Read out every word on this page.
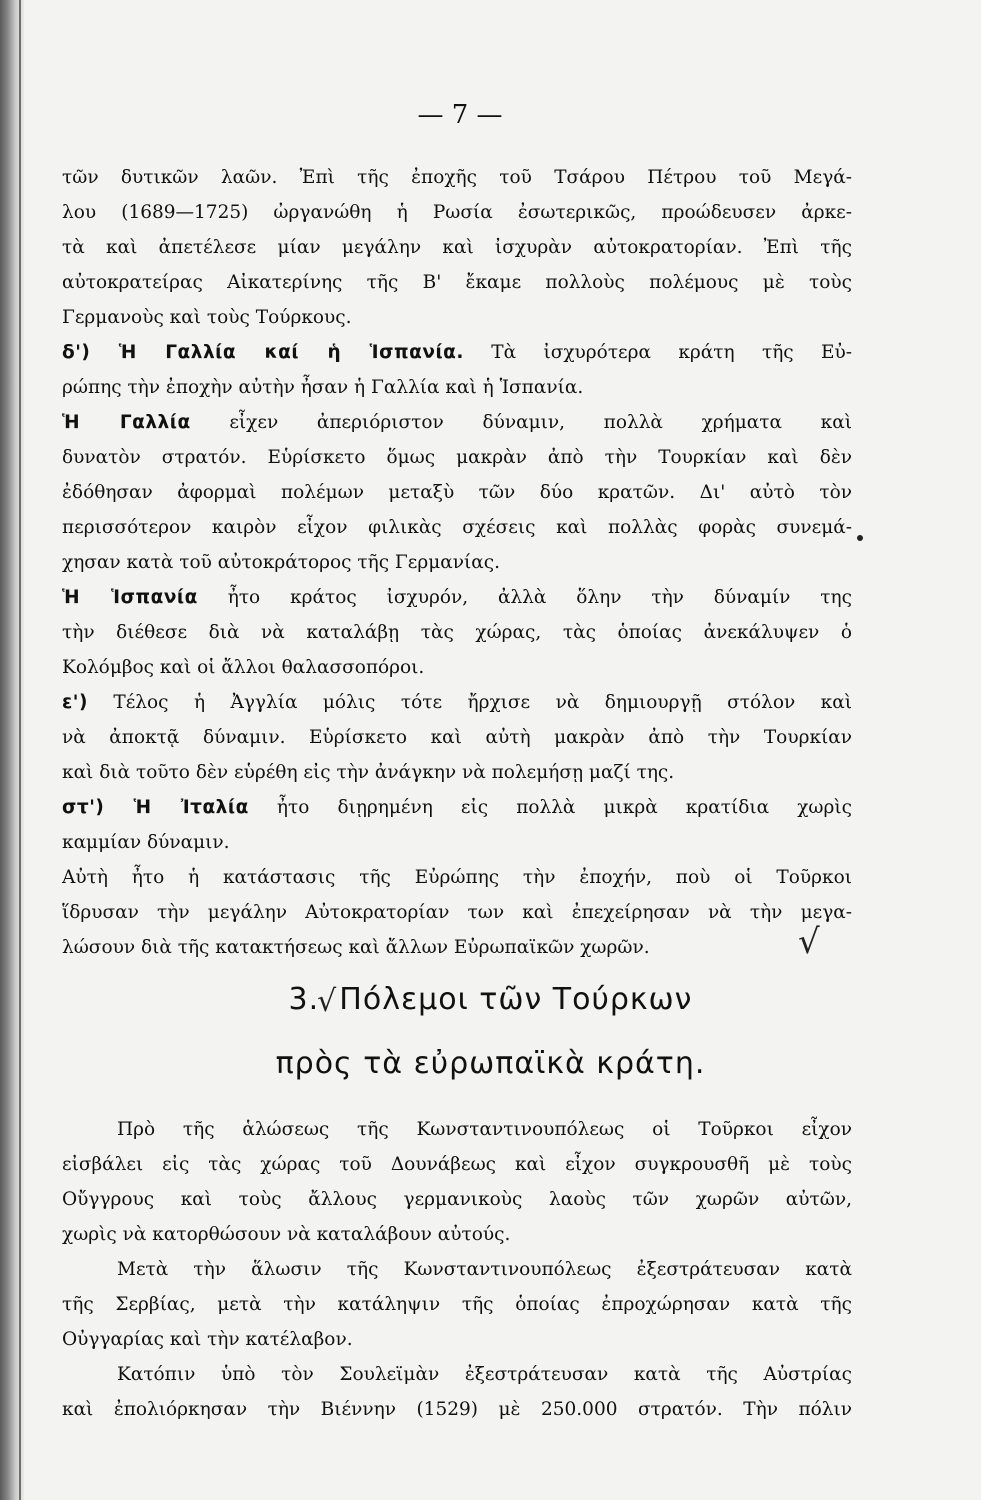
— 7 —
τῶν δυτικῶν λαῶν. Ἐπὶ τῆς ἐποχῆς τοῦ Τσάρου Πέτρου τοῦ Μεγά-
λου (1689—1725) ὠργανώθη ἡ Ρωσία ἐσωτερικῶς, προώδευσεν ἀρκε-
τὰ καὶ ἀπετέλεσε μίαν μεγάλην καὶ ἰσχυρὰν αὐτοκρατορίαν. Ἐπὶ τῆς
αὐτοκρατείρας Αἰκατερίνης τῆς Β' ἔκαμε πολλοὺς πολέμους μὲ τοὺς
Γερμανοὺς καὶ τοὺς Τούρκους.
δ') Ἡ Γαλλία καί ἡ Ἱσπανία. Τὰ ἰσχυρότερα κράτη τῆς Εὐ-
ρώπης τὴν ἐποχὴν αὐτὴν ἦσαν ἡ Γαλλία καὶ ἡ Ἱσπανία.
Ἡ Γαλλία εἶχεν ἀπεριόριστον δύναμιν, πολλὰ χρήματα καὶ
δυνατὸν στρατόν. Εὑρίσκετο ὅμως μακρὰν ἀπὸ τὴν Τουρκίαν καὶ δὲν
ἐδόθησαν ἀφορμαὶ πολέμων μεταξὺ τῶν δύο κρατῶν. Δι' αὐτὸ τὸν
περισσότερον καιρὸν εἶχον φιλικὰς σχέσεις καὶ πολλὰς φορὰς συνεμά-
χησαν κατὰ τοῦ αὐτοκράτορος τῆς Γερμανίας.
Ἡ Ἱσπανία ἦτο κράτος ἰσχυρόν, ἀλλὰ ὅλην τὴν δύναμίν της
τὴν διέθεσε διὰ νὰ καταλάβῃ τὰς χώρας, τὰς ὁποίας ἀνεκάλυψεν ὁ
Κολόμβος καὶ οἱ ἄλλοι θαλασσοπόροι.
ε') Τέλος ἡ Ἀγγλία μόλις τότε ἤρχισε νὰ δημιουργῇ στόλον καὶ
νὰ ἀποκτᾷ δύναμιν. Εὑρίσκετο καὶ αὐτὴ μακρὰν ἀπὸ τὴν Τουρκίαν
καὶ διὰ τοῦτο δὲν εὑρέθη εἰς τὴν ἀνάγκην νὰ πολεμήσῃ μαζί της.
στ') Ἡ Ἰταλία ἦτο διῃρημένη εἰς πολλὰ μικρὰ κρατίδια χωρὶς
καμμίαν δύναμιν.
Αὐτὴ ἦτο ἡ κατάστασις τῆς Εὐρώπης τὴν ἐποχήν, ποὺ οἱ Τοῦρκοι
ἵδρυσαν τὴν μεγάλην Αὐτοκρατορίαν των καὶ ἐπεχείρησαν νὰ τὴν μεγα-
λώσουν διὰ τῆς κατακτήσεως καὶ ἄλλων Εὐρωπαϊκῶν χωρῶν.
3.√Πόλεμοι τῶν Τούρκων
πρὸς τὰ εὐρωπαϊκὰ κράτη.
√
Πρὸ τῆς ἁλώσεως τῆς Κωνσταντινουπόλεως οἱ Τοῦρκοι εἶχον
εἰσβάλει εἰς τὰς χώρας τοῦ Δουνάβεως καὶ εἶχον συγκρουσθῆ μὲ τοὺς
Οὔγγρους καὶ τοὺς ἄλλους γερμανικοὺς λαοὺς τῶν χωρῶν αὐτῶν,
χωρὶς νὰ κατορθώσουν νὰ καταλάβουν αὐτούς.
Μετὰ τὴν ἅλωσιν τῆς Κωνσταντινουπόλεως ἐξεστράτευσαν κατὰ
τῆς Σερβίας, μετὰ τὴν κατάληψιν τῆς ὁποίας ἐπροχώρησαν κατὰ τῆς
Οὐγγαρίας καὶ τὴν κατέλαβον.
Κατόπιν ὑπὸ τὸν Σουλεϊμὰν ἐξεστράτευσαν κατὰ τῆς Αὐστρίας
καὶ ἐπολιόρκησαν τὴν Βιέννην (1529) μὲ 250.000 στρατόν. Τὴν πόλιν
